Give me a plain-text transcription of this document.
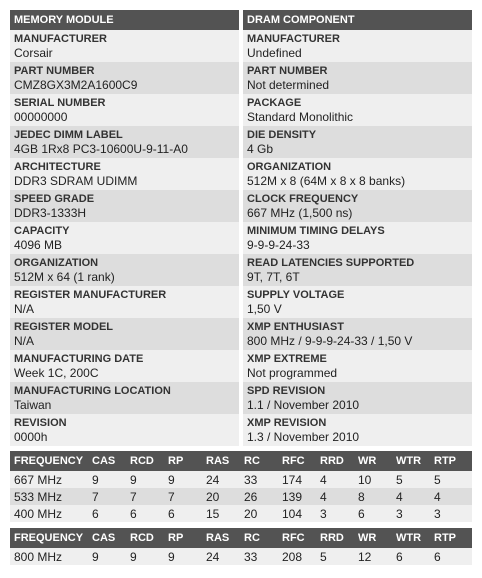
MEMORY MODULE
MANUFACTURER
Corsair
PART NUMBER
CMZ8GX3M2A1600C9
SERIAL NUMBER
00000000
JEDEC DIMM LABEL
4GB 1Rx8 PC3-10600U-9-11-A0
ARCHITECTURE
DDR3 SDRAM UDIMM
SPEED GRADE
DDR3-1333H
CAPACITY
4096 MB
ORGANIZATION
512M x 64 (1 rank)
REGISTER MANUFACTURER
N/A
REGISTER MODEL
N/A
MANUFACTURING DATE
Week 1C, 200C
MANUFACTURING LOCATION
Taiwan
REVISION
0000h
DRAM COMPONENT
MANUFACTURER
Undefined
PART NUMBER
Not determined
PACKAGE
Standard Monolithic
DIE DENSITY
4 Gb
ORGANIZATION
512M x 8 (64M x 8 x 8 banks)
CLOCK FREQUENCY
667 MHz (1,500 ns)
MINIMUM TIMING DELAYS
9-9-9-24-33
READ LATENCIES SUPPORTED
9T, 7T, 6T
SUPPLY VOLTAGE
1,50 V
XMP ENTHUSIAST
800 MHz / 9-9-9-24-33 / 1,50 V
XMP EXTREME
Not programmed
SPD REVISION
1.1 / November 2010
XMP REVISION
1.3 / November 2010
FREQUENCY	CAS	RCD	RP	RAS	RC	RFC	RRD	WR	WTR	RTP
667 MHz	9	9	9	24	33	174	4	10	5	5
533 MHz	7	7	7	20	26	139	4	8	4	4
400 MHz	6	6	6	15	20	104	3	6	3	3
FREQUENCY	CAS	RCD	RP	RAS	RC	RFC	RRD	WR	WTR	RTP
800 MHz	9	9	9	24	33	208	5	12	6	6
